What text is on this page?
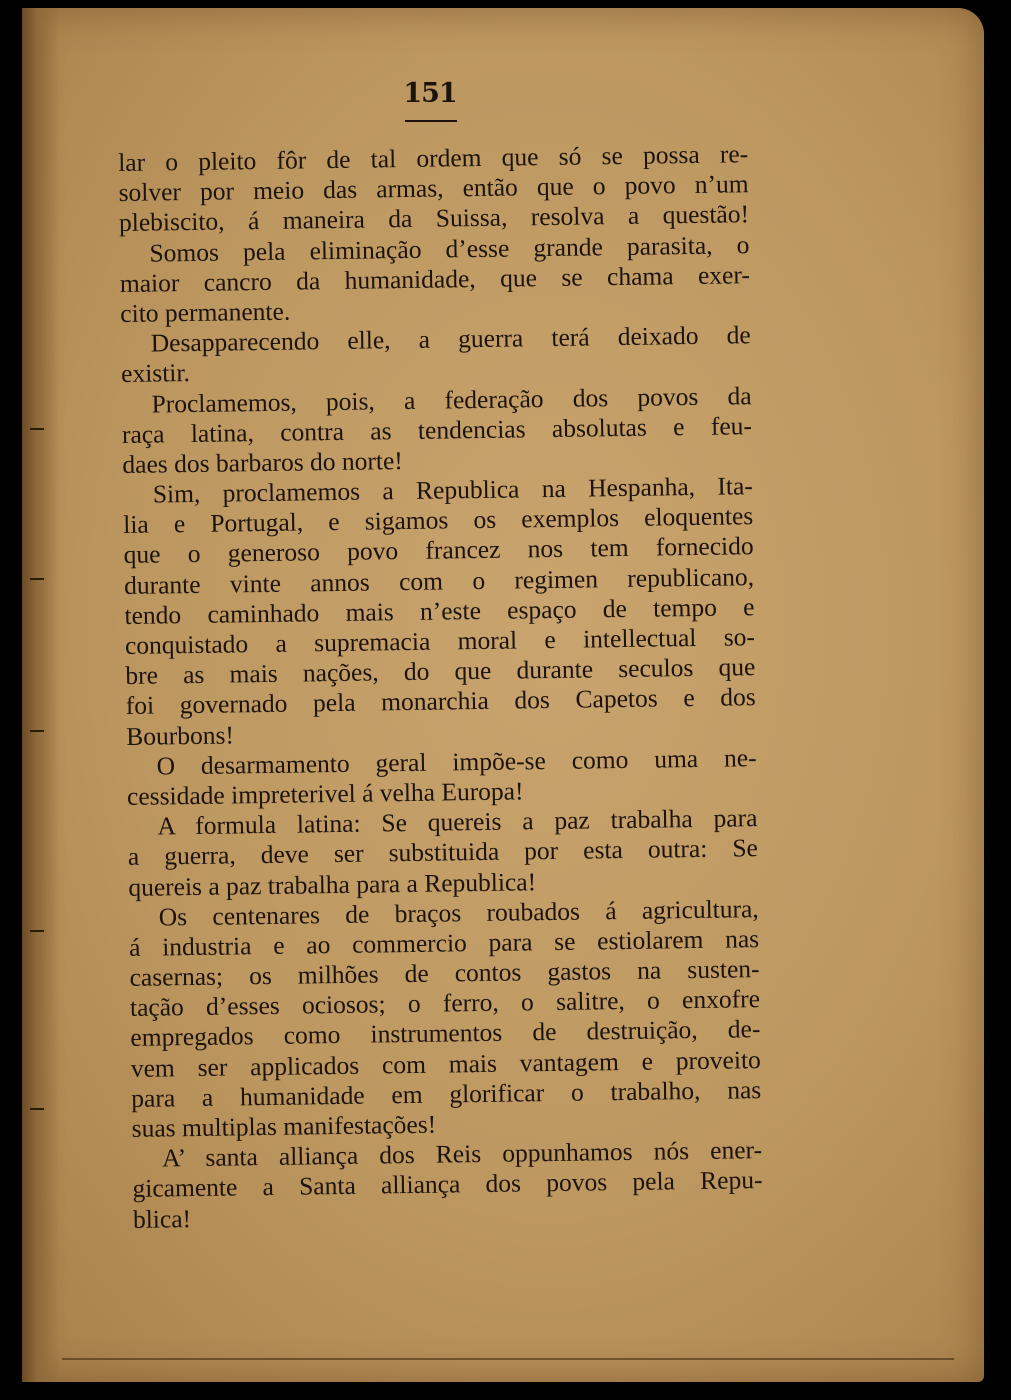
151
lar o pleito fôr de tal ordem que só se possa re-
solver por meio das armas, então que o povo n’um
plebiscito, á maneira da Suissa, resolva a questão!
Somos pela eliminação d’esse grande parasita, o
maior cancro da humanidade, que se chama exer-
cito permanente.
Desapparecendo elle, a guerra terá deixado de
existir.
Proclamemos, pois, a federação dos povos da
raça latina, contra as tendencias absolutas e feu-
daes dos barbaros do norte!
Sim, proclamemos a Republica na Hespanha, Ita-
lia e Portugal, e sigamos os exemplos eloquentes
que o generoso povo francez nos tem fornecido
durante vinte annos com o regimen republicano,
tendo caminhado mais n’este espaço de tempo e
conquistado a supremacia moral e intellectual so-
bre as mais nações, do que durante seculos que
foi governado pela monarchia dos Capetos e dos
Bourbons!
O desarmamento geral impõe-se como uma ne-
cessidade impreterivel á velha Europa!
A formula latina: Se quereis a paz trabalha para
a guerra, deve ser substituida por esta outra: Se
quereis a paz trabalha para a Republica!
Os centenares de braços roubados á agricultura,
á industria e ao commercio para se estiolarem nas
casernas; os milhões de contos gastos na susten-
tação d’esses ociosos; o ferro, o salitre, o enxofre
empregados como instrumentos de destruição, de-
vem ser applicados com mais vantagem e proveito
para a humanidade em glorificar o trabalho, nas
suas multiplas manifestações!
A’ santa alliança dos Reis oppunhamos nós ener-
gicamente a Santa alliança dos povos pela Repu-
blica!
